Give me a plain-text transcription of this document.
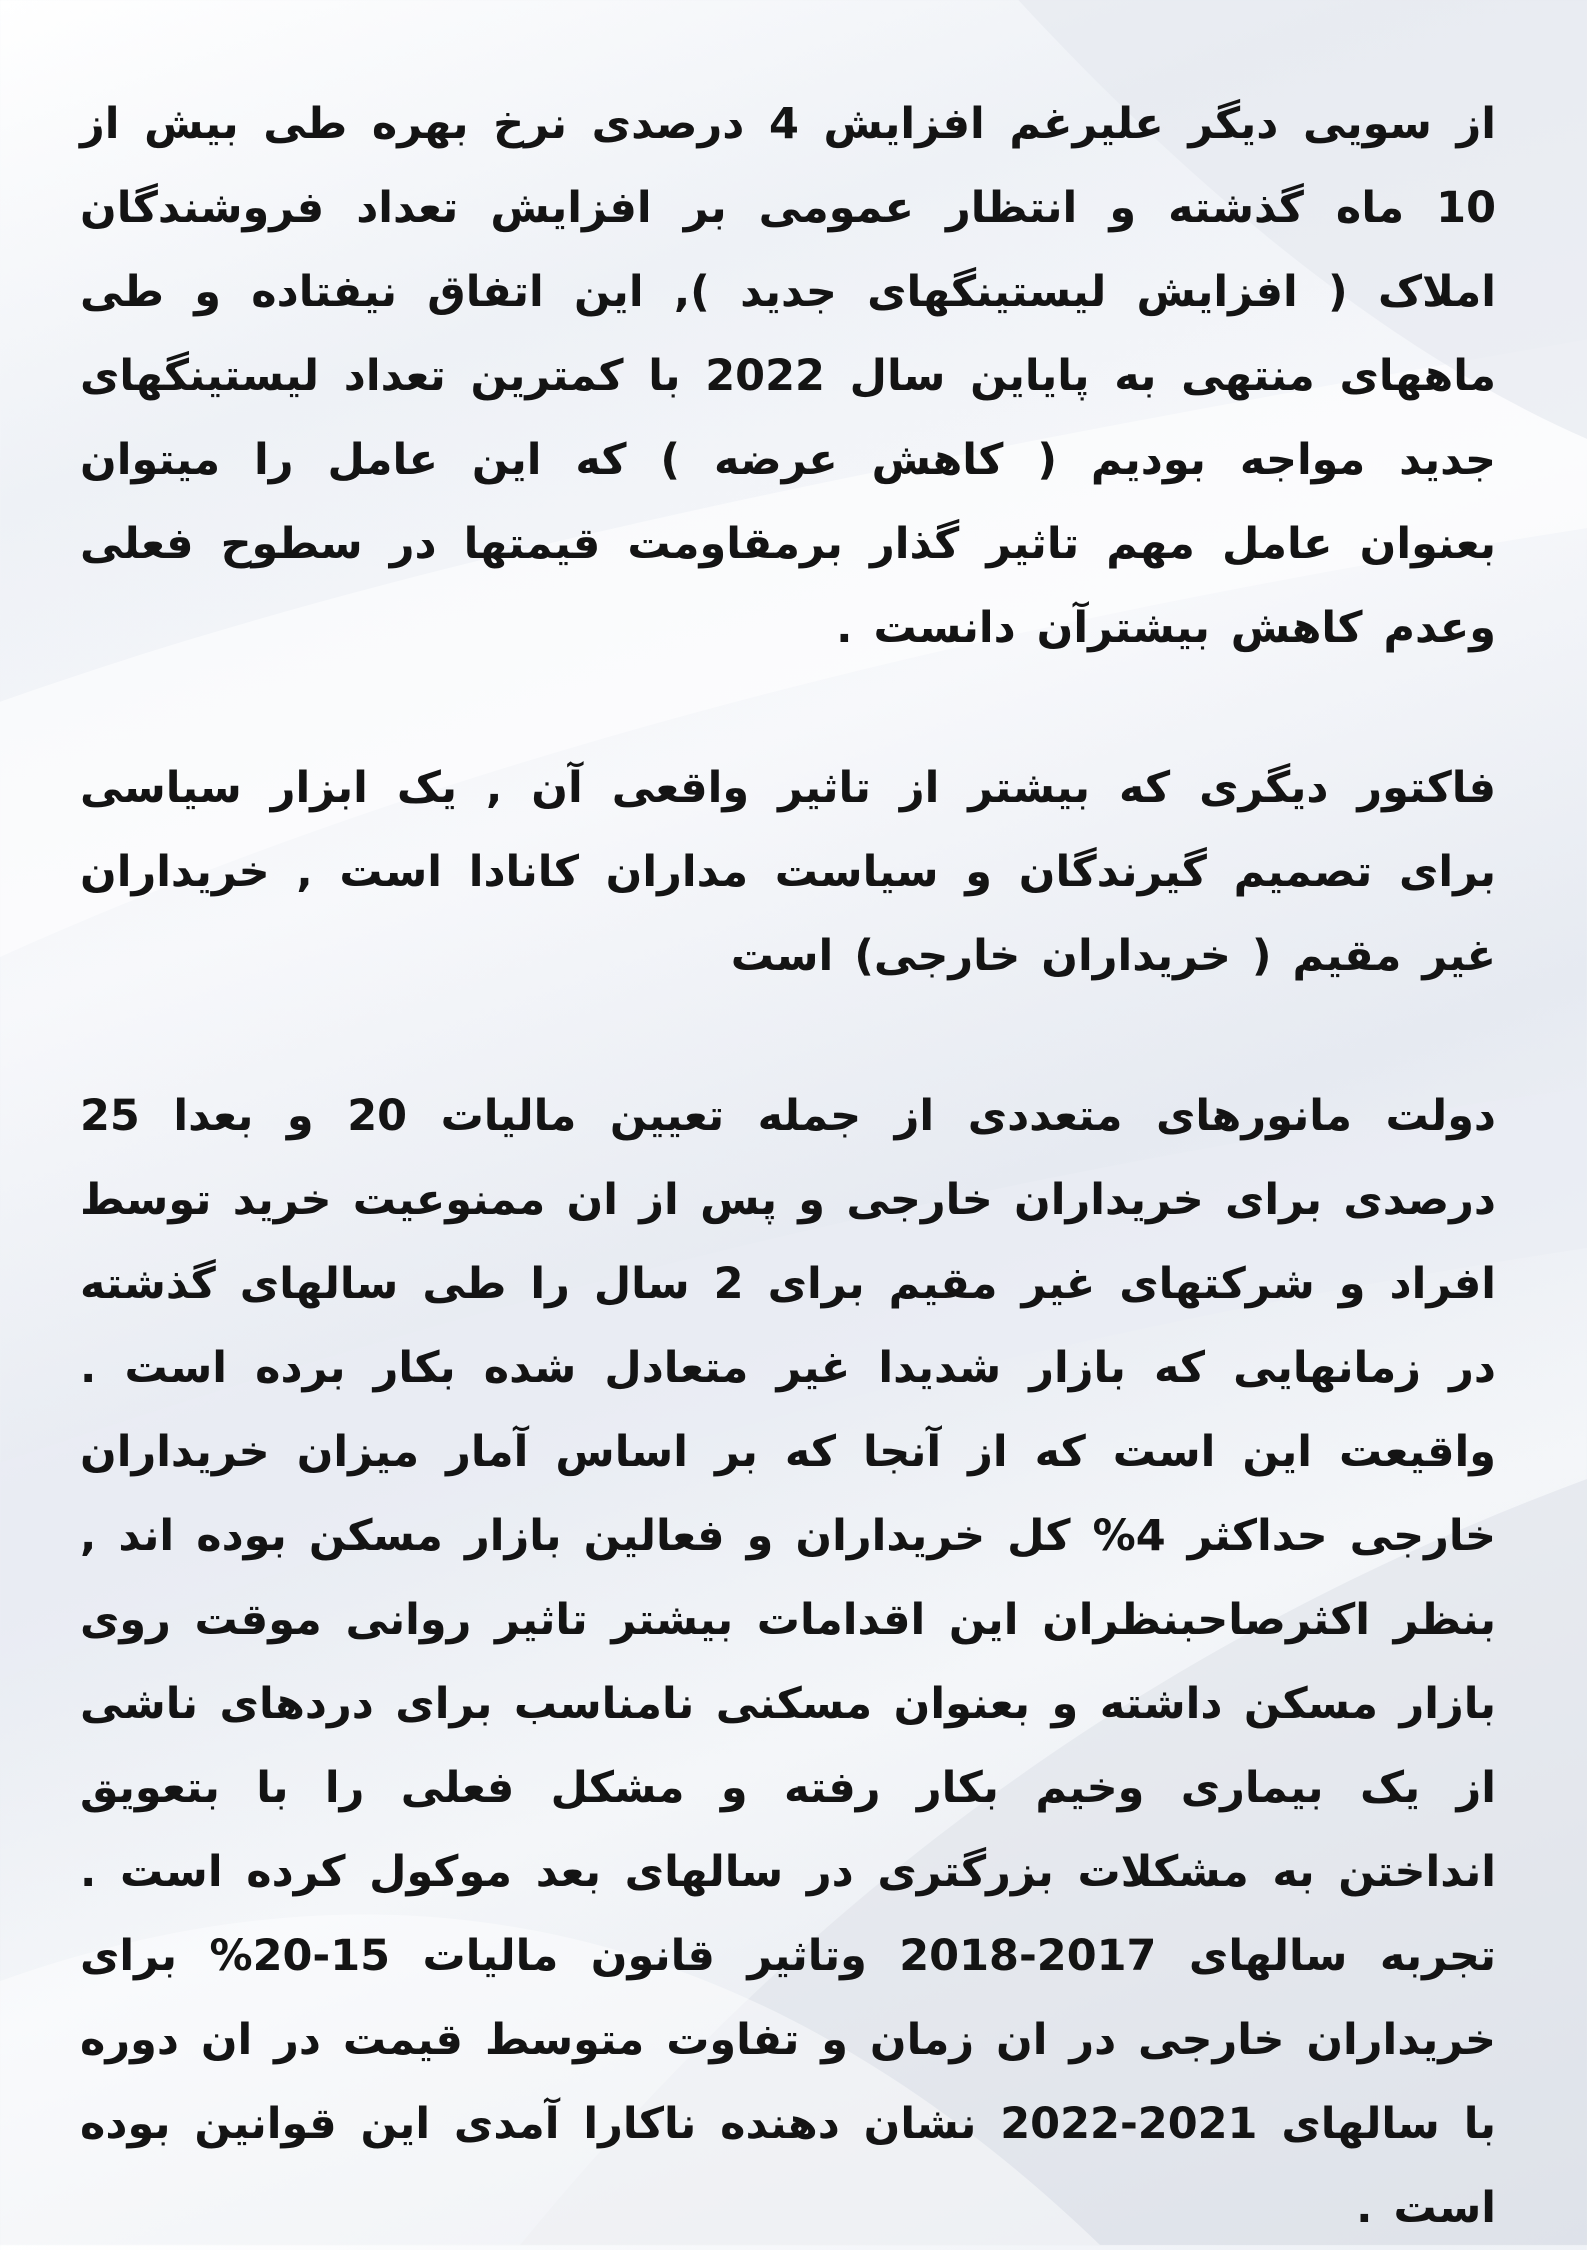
از سویی دیگر علیرغم افزایش 4 درصدی نرخ بهره طی بیش از 10 ماه گذشته و انتظار عمومی بر افزایش تعداد فروشندگان املاک ( افزایش لیستینگهای جدید ), این اتفاق نیفتاده و طی ماههای منتهی به پایاین سال 2022 با کمترین تعداد لیستینگهای جدید مواجه بودیم ( کاهش عرضه ) که این عامل را میتوان بعنوان عامل مهم تاثیر گذار برمقاومت قیمتها در سطوح فعلی وعدم کاهش بیشترآن دانست .

فاکتور دیگری که بیشتر از تاثیر واقعی آن , یک ابزار سیاسی برای تصمیم گیرندگان و سیاست مداران کانادا است , خریداران غیر مقیم ( خریداران خارجی) است

دولت مانورهای متعددی از جمله تعیین مالیات 20 و بعدا 25 درصدی برای خریداران خارجی و پس از ان ممنوعیت خرید توسط افراد و شرکتهای غیر مقیم برای 2 سال را طی سالهای گذشته در زمانهایی که بازار شدیدا غیر متعادل شده بکار برده است . واقیعت این است که از آنجا که بر اساس آمار میزان خریداران خارجی حداکثر 4% کل خریداران و فعالین بازار مسکن بوده اند , بنظر اکثرصاحبنظران این اقدامات بیشتر تاثیر روانی موقت روی بازار مسکن داشته و بعنوان مسکنی نامناسب برای دردهای ناشی از یک بیماری وخیم بکار رفته و مشکل فعلی را با بتعویق انداختن به مشکلات بزرگتری در سالهای بعد موکول کرده است . تجربه سالهای 2017-2018 وتاثیر قانون مالیات 15-20% برای خریداران خارجی در ان زمان و تفاوت متوسط قیمت در ان دوره با سالهای 2021-2022 نشان دهنده ناکارا آمدی این قوانین بوده است .
